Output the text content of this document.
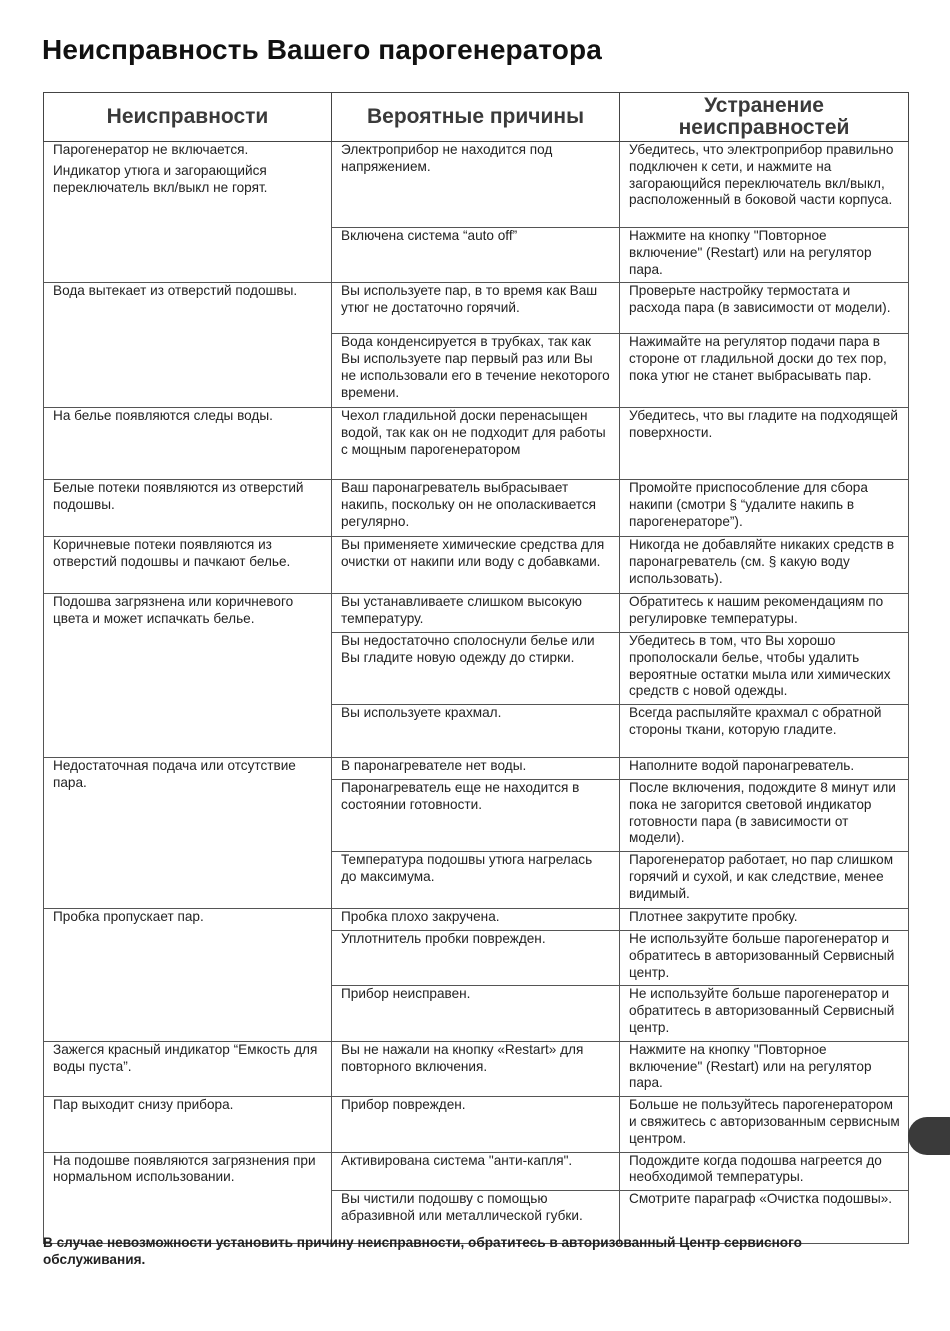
Неисправность Вашего парогенератора
Неисправности	Вероятные причины	Устранение неисправностей

Парогенератор не включается.
Индикатор утюга и загорающийся переключатель вкл/выкл не горят.	Электроприбор не находится под напряжением.	Убедитесь, что электроприбор правильно подключен к сети, и нажмите на загорающийся переключатель вкл/выкл, расположенный в боковой части корпуса.
	Включена система “auto off”	Нажмите на кнопку "Повторное включение" (Restart) или на регулятор пара.

Вода вытекает из отверстий подошвы.	Вы используете пар, в то время как Ваш утюг не достаточно горячий.	Проверьте настройку термостата и расхода пара (в зависимости от модели).
	Вода конденсируется в трубках, так как Вы используете пар первый раз или Вы не использовали его в течение некоторого времени.	Нажимайте на регулятор подачи пара в стороне от гладильной доски до тех пор, пока утюг не станет выбрасывать пар.

На белье появляются следы воды.	Чехол гладильной доски перенасыщен водой, так как он не подходит для работы с мощным парогенератором	Убедитесь, что вы гладите на подходящей поверхности.

Белые потеки появляются из отверстий подошвы.	Ваш паронагреватель выбрасывает накипь, поскольку он не ополаскивается регулярно.	Промойте приспособление для сбора накипи (смотри § “удалите накипь в парогенераторе”).

Коричневые потеки появляются из отверстий подошвы и пачкают белье.	Вы применяете химические средства для очистки от накипи или воду с добавками.	Никогда не добавляйте никаких средств в паронагреватель (см. § какую воду использовать).

Подошва загрязнена или коричневого цвета и может испачкать белье.	Вы устанавливаете слишком высокую температуру.	Обратитесь к нашим рекомендациям по регулировке температуры.
	Вы недостаточно сполоснули белье или Вы гладите новую одежду до стирки.	Убедитесь в том, что Вы хорошо прополоскали белье, чтобы удалить вероятные остатки мыла или химических средств с новой одежды.
	Вы используете крахмал.	Всегда распыляйте крахмал с обратной стороны ткани, которую гладите.

Недостаточная подача или отсутствие пара.	В паронагревателе нет воды.	Наполните водой паронагреватель.
	Паронагреватель еще не находится в состоянии готовности.	После включения, подождите 8 минут или пока не загорится световой индикатор готовности пара (в зависимости от модели).
	Температура подошвы утюга нагрелась до максимума.	Парогенератор работает, но пар слишком горячий и сухой, и как следствие, менее видимый.

Пробка пропускает пар.	Пробка плохо закручена.	Плотнее закрутите пробку.
	Уплотнитель пробки поврежден.	Не используйте больше парогенератор и обратитесь в авторизованный Сервисный центр.
	Прибор неисправен.	Не используйте больше парогенератор и обратитесь в авторизованный Сервисный центр.

Зажегся красный индикатор “Емкость для воды пуста”.	Вы не нажали на кнопку «Restart» для повторного включения.	Нажмите на кнопку "Повторное включение" (Restart) или на регулятор пара.

Пар выходит снизу прибора.	Прибор поврежден.	Больше не пользуйтесь парогенератором и свяжитесь с авторизованным сервисным центром.

На подошве появляются загрязнения при нормальном использовании.	Активирована система "анти-капля".	Подождите когда подошва нагреется до необходимой температуры.
	Вы чистили подошву с помощью абразивной или металлической губки.	Смотрите параграф «Очистка подошвы».

В случае невозможности установить причину неисправности, обратитесь в авторизованный Центр сервисного обслуживания.
